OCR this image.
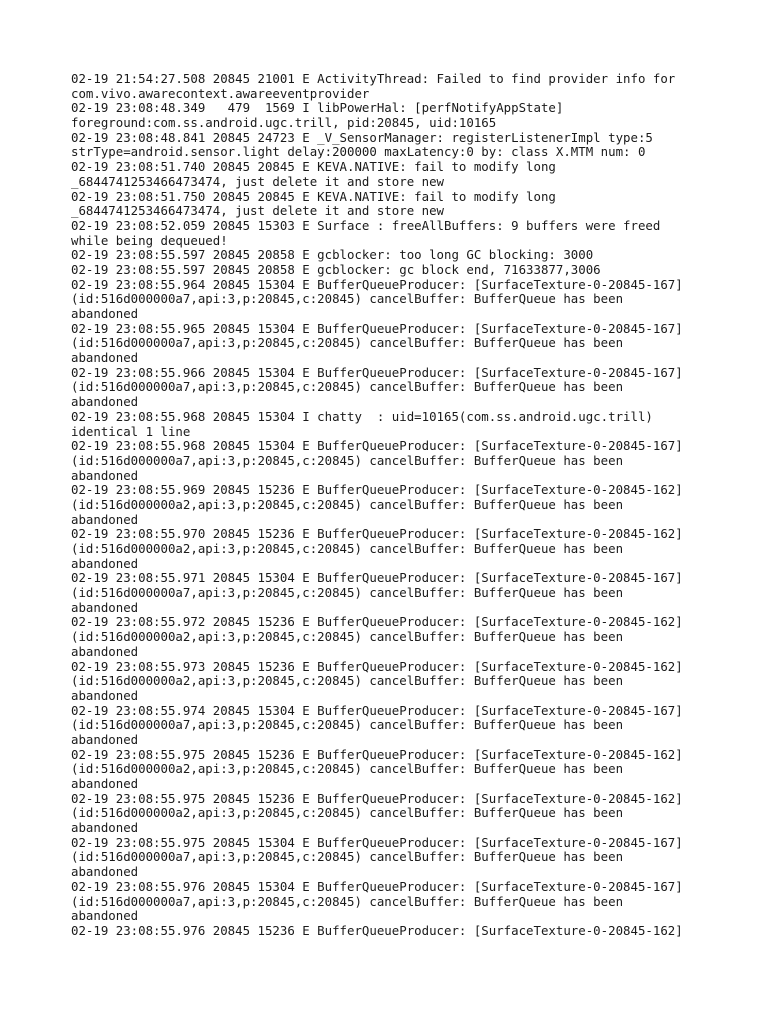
02-19 21:54:27.508 20845 21001 E ActivityThread: Failed to find provider info for
com.vivo.awarecontext.awareeventprovider
02-19 23:08:48.349   479  1569 I libPowerHal: [perfNotifyAppState]
foreground:com.ss.android.ugc.trill, pid:20845, uid:10165
02-19 23:08:48.841 20845 24723 E _V_SensorManager: registerListenerImpl type:5
strType=android.sensor.light delay:200000 maxLatency:0 by: class X.MTM num: 0
02-19 23:08:51.740 20845 20845 E KEVA.NATIVE: fail to modify long
_6844741253466473474, just delete it and store new
02-19 23:08:51.750 20845 20845 E KEVA.NATIVE: fail to modify long
_6844741253466473474, just delete it and store new
02-19 23:08:52.059 20845 15303 E Surface : freeAllBuffers: 9 buffers were freed
while being dequeued!
02-19 23:08:55.597 20845 20858 E gcblocker: too long GC blocking: 3000
02-19 23:08:55.597 20845 20858 E gcblocker: gc block end, 71633877,3006
02-19 23:08:55.964 20845 15304 E BufferQueueProducer: [SurfaceTexture-0-20845-167]
(id:516d000000a7,api:3,p:20845,c:20845) cancelBuffer: BufferQueue has been
abandoned
02-19 23:08:55.965 20845 15304 E BufferQueueProducer: [SurfaceTexture-0-20845-167]
(id:516d000000a7,api:3,p:20845,c:20845) cancelBuffer: BufferQueue has been
abandoned
02-19 23:08:55.966 20845 15304 E BufferQueueProducer: [SurfaceTexture-0-20845-167]
(id:516d000000a7,api:3,p:20845,c:20845) cancelBuffer: BufferQueue has been
abandoned
02-19 23:08:55.968 20845 15304 I chatty  : uid=10165(com.ss.android.ugc.trill)
identical 1 line
02-19 23:08:55.968 20845 15304 E BufferQueueProducer: [SurfaceTexture-0-20845-167]
(id:516d000000a7,api:3,p:20845,c:20845) cancelBuffer: BufferQueue has been
abandoned
02-19 23:08:55.969 20845 15236 E BufferQueueProducer: [SurfaceTexture-0-20845-162]
(id:516d000000a2,api:3,p:20845,c:20845) cancelBuffer: BufferQueue has been
abandoned
02-19 23:08:55.970 20845 15236 E BufferQueueProducer: [SurfaceTexture-0-20845-162]
(id:516d000000a2,api:3,p:20845,c:20845) cancelBuffer: BufferQueue has been
abandoned
02-19 23:08:55.971 20845 15304 E BufferQueueProducer: [SurfaceTexture-0-20845-167]
(id:516d000000a7,api:3,p:20845,c:20845) cancelBuffer: BufferQueue has been
abandoned
02-19 23:08:55.972 20845 15236 E BufferQueueProducer: [SurfaceTexture-0-20845-162]
(id:516d000000a2,api:3,p:20845,c:20845) cancelBuffer: BufferQueue has been
abandoned
02-19 23:08:55.973 20845 15236 E BufferQueueProducer: [SurfaceTexture-0-20845-162]
(id:516d000000a2,api:3,p:20845,c:20845) cancelBuffer: BufferQueue has been
abandoned
02-19 23:08:55.974 20845 15304 E BufferQueueProducer: [SurfaceTexture-0-20845-167]
(id:516d000000a7,api:3,p:20845,c:20845) cancelBuffer: BufferQueue has been
abandoned
02-19 23:08:55.975 20845 15236 E BufferQueueProducer: [SurfaceTexture-0-20845-162]
(id:516d000000a2,api:3,p:20845,c:20845) cancelBuffer: BufferQueue has been
abandoned
02-19 23:08:55.975 20845 15236 E BufferQueueProducer: [SurfaceTexture-0-20845-162]
(id:516d000000a2,api:3,p:20845,c:20845) cancelBuffer: BufferQueue has been
abandoned
02-19 23:08:55.975 20845 15304 E BufferQueueProducer: [SurfaceTexture-0-20845-167]
(id:516d000000a7,api:3,p:20845,c:20845) cancelBuffer: BufferQueue has been
abandoned
02-19 23:08:55.976 20845 15304 E BufferQueueProducer: [SurfaceTexture-0-20845-167]
(id:516d000000a7,api:3,p:20845,c:20845) cancelBuffer: BufferQueue has been
abandoned
02-19 23:08:55.976 20845 15236 E BufferQueueProducer: [SurfaceTexture-0-20845-162]
